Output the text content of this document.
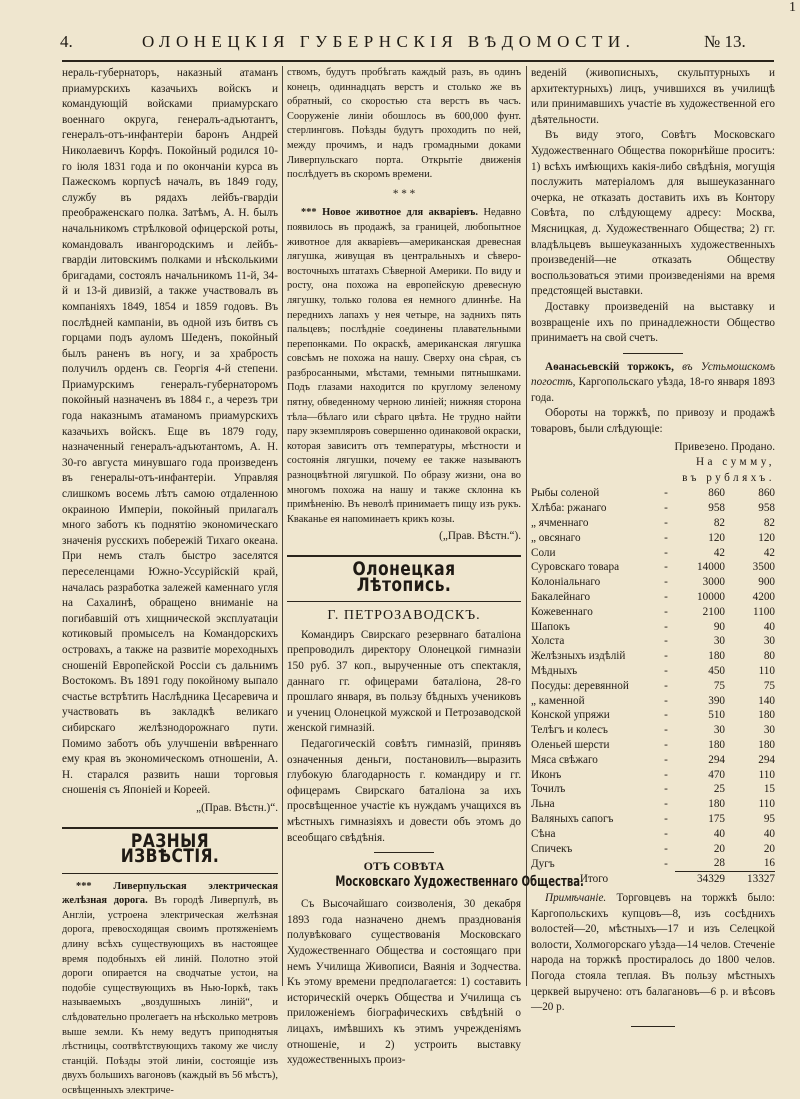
1
4.	ОЛОНЕЦКІЯ ГУБЕРНСКІЯ ВѢДОМОСТИ.	№ 13.

нераль-губернаторъ, наказный атаманъ приамурскихъ казачьихъ войскъ и командующій войсками приамурскаго военнаго округа, генералъ-адъютантъ, генералъ-отъ-инфантеріи баронъ Андрей Николаевичъ Корфъ. Покойный родился 10-го іюля 1831 года и по окончаніи курса въ Пажескомъ корпусѣ началъ, въ 1849 году, службу въ рядахъ лейбъ-гвардіи преображенскаго полка. Затѣмъ, А. Н. былъ начальникомъ стрѣлковой офицерской роты, командовалъ ивангородскимъ и лейбъ-гвардіи литовскимъ полками и нѣсколькими бригадами, состоялъ начальникомъ 11-й, 34-й и 13-й дивизій, а также участвовалъ въ компаніяхъ 1849, 1854 и 1859 годовъ. Въ послѣдней кампаніи, въ одной изъ битвъ съ горцами подъ ауломъ Шеденъ, покойный былъ раненъ въ ногу, и за храбрость получилъ орденъ св. Георгія 4-й степени. Приамурскимъ генералъ-губернаторомъ покойный назначенъ въ 1884 г., а черезъ три года наказнымъ атаманомъ приамурскихъ казачьихъ войскъ. Еще въ 1879 году, назначенный генералъ-адъютантомъ, А. Н. 30-го августа минувшаго года произведенъ въ генералы-отъ-инфантеріи. Управляя слишкомъ восемь лѣтъ самою отдаленною окраиною Имперіи, покойный прилагалъ много заботъ къ поднятію экономическаго значенія русскихъ побережій Тихаго океана. При немъ сталъ быстро заселятся переселенцами Южно-Уссурійскій край, началась разработка залежей каменнаго угля на Сахалинѣ, обращено вниманіе на погибавшій отъ хищнической эксплуатаціи котиковый промыселъ на Командорскихъ островахъ, а также на развитіе мореходныхъ сношеній Европейской Россіи съ дальнимъ Востокомъ. Въ 1891 году покойному выпало счастье встрѣтить Наслѣдника Цесаревича и участвовать въ закладкѣ великаго сибирскаго желѣзнодорожнаго пути. Помимо заботъ объ улучшеніи ввѣреннаго ему края въ экономическомъ отношеніи, А. Н. старался развить наши торговыя сношенія съ Японіей и Кореей.

„(Прав. Вѣстн.)“.
РАЗНЫЯ ИЗВѢСТІЯ.

*** Ливерпульская электрическая желѣзная дорога. Въ городѣ Ливерпулѣ, въ Англіи, устроена электрическая желѣзная дорога, превосходящая своимъ протяженіемъ длину всѣхъ существующихъ въ настоящее время подобныхъ ей линій. Полотно этой дороги опирается на сводчатые устои, на подобіе существующихъ въ Нью-Іоркѣ, такъ называемыхъ „воздушныхъ линій“, и слѣдовательно пролегаетъ на нѣсколько метровъ выше земли. Къ нему ведутъ приподнятыя лѣстницы, соотвѣтствующихъ такому же числу станцій. Поѣзды этой линіи, состоящіе изъ двухъ большихъ вагоновъ (каждый въ 56 мѣстъ), освѣщенныхъ электриче-

ствомъ, будутъ пробѣгать каждый разъ, въ одинъ конецъ, одиннадцать верстъ и столько же въ обратный, со скоростью ста верстъ въ часъ. Сооруженіе линіи обошлось въ 600,000 фунт. стерлинговъ. Поѣзды будутъ проходить по ней, между прочимъ, и надъ громадными доками Ливерпульскаго порта. Открытіе движенія послѣдуетъ въ скоромъ времени.

* * *

*** Новое животное для акваріевъ. Недавно появилось въ продажѣ, за границей, любопытное животное для акваріевъ—американская древесная лягушка, живущая въ центральныхъ и сѣверо-восточныхъ штатахъ Сѣверной Америки. По виду и росту, она похожа на европейскую древесную лягушку, только голова ея немного длиннѣе. На переднихъ лапахъ у нея четыре, на заднихъ пять пальцевъ; послѣдніе соединены плавательными перепонками. По окраскѣ, американская лягушка совсѣмъ не похожа на нашу. Сверху она сѣрая, съ разбросанными, мѣстами, темными пятнышками. Подъ глазами находится по круглому зеленому пятну, обведенному черною линіей; нижняя сторона тѣла—бѣлаго или сѣраго цвѣта. Не трудно найти пару экземпляровъ совершенно одинаковой окраски, которая зависитъ отъ температуры, мѣстности и состоянія лягушки, почему ее также называютъ разноцвѣтной лягушкой. По образу жизни, она во многомъ похожа на нашу и также склонна къ примѣненію. Въ неволѣ принимаетъ пищу изъ рукъ. Кваканье ея напоминаетъ крикъ козы.

(„Прав. Вѣстн.“).
Олонецкая Лѣтопись.
Г. ПЕТРОЗАВОДСКЪ.

Командиръ Свирскаго резервнаго баталіона препроводилъ директору Олонецкой гимназіи 150 руб. 37 коп., вырученные отъ спектакля, даннаго гг. офицерами баталіона, 28-го прошлаго января, въ пользу бѣдныхъ учениковъ и учениц Олонецкой мужской и Петрозаводской женской гимназій.

Педагогическій совѣтъ гимназій, принявъ означенныя деньги, постановилъ—выразить глубокую благодарность г. командиру и гг. офицерамъ Свирскаго баталіона за ихъ просвѣщенное участіе къ нуждамъ учащихся въ мѣстныхъ гимназіяхъ и довести объ этомъ до всеобщаго свѣдѣнія.

ОТЪ СОВѢТА
Московскаго Художественнаго Общества.

Съ Высочайшаго соизволенія, 30 декабря 1893 года назначено днемъ празднованія полувѣковаго существованія Московскаго Художественнаго Общества и состоящаго при немъ Училища Живописи, Ваянія и Зодчества. Къ этому времени предполагается: 1) составить историческій очеркъ Общества и Училища съ приложеніемъ біографическихъ свѣдѣній о лицахъ, имѣвшихъ къ этимъ учрежденіямъ отношеніе, и 2) устроить выставку художественныхъ произ-

веденій (живописныхъ, скульптурныхъ и архитектурныхъ) лицъ, учившихся въ училищѣ или принимавшихъ участіе въ художественной его дѣятельности.

Въ виду этого, Совѣтъ Московскаго Художественнаго Общества покорнѣйше проситъ: 1) всѣхъ имѣющихъ какія-либо свѣдѣнія, могущія послужить матеріаломъ для вышеуказаннаго очерка, не отказать доставить ихъ въ Контору Совѣта, по слѣдующему адресу: Москва, Мясницкая, д. Художественнаго Общества; 2) гг. владѣльцевъ вышеуказанныхъ художественныхъ произведеній—не отказать Обществу воспользоваться этими произведеніями на время предстоящей выставки.

Доставку произведеній на выставку и возвращеніе ихъ по принадлежности Общество принимаетъ на свой счетъ.

Аѳанасьевскій торжокъ, въ Устьмошскомъ погостѣ, Каргопольскаго уѣзда, 18-го января 1893 года.

Обороты на торжкѣ, по привозу и продажѣ товаровъ, были слѣдующіе:

Привезено. Продано.
На сумму,
въ рубляхъ.
Рыбы соленой	-	860	860
Хлѣба: ржанаго	-	958	958
„ ячменнаго	-	82	82
„ овсянаго	-	120	120
Соли	-	42	42
Суровскаго товара	-	14000	3500
Колоніальнаго	-	3000	900
Бакалейнаго	-	10000	4200
Кожевеннаго	-	2100	1100
Шапокъ	-	90	40
Холста	-	30	30
Желѣзныхъ издѣлій	-	180	80
Мѣдныхъ	-	450	110
Посуды: деревянной	-	75	75
„ каменной	-	390	140
Конской упряжи	-	510	180
Телѣгъ и колесъ	-	30	30
Оленьей шерсти	-	180	180
Мяса свѣжаго	-	294	294
Иконъ	-	470	110
Точилъ	-	25	15
Льна	-	180	110
Валяныхъ сапогъ	-	175	95
Сѣна	-	40	40
Спичекъ	-	20	20
Дугъ	-	28	16
Итого		34329	13327

Примѣчаніе. Торговцевъ на торжкѣ было: Каргопольскихъ купцовъ—8, изъ сосѣднихъ волостей—20, мѣстныхъ—17 и изъ Селецкой волости, Холмогорскаго уѣзда—14 челов. Стеченіе народа на торжкѣ простиралось до 1800 челов. Погода стояла теплая. Въ пользу мѣстныхъ церквей выручено: отъ балагановъ—6 р. и вѣсовъ—20 р.
